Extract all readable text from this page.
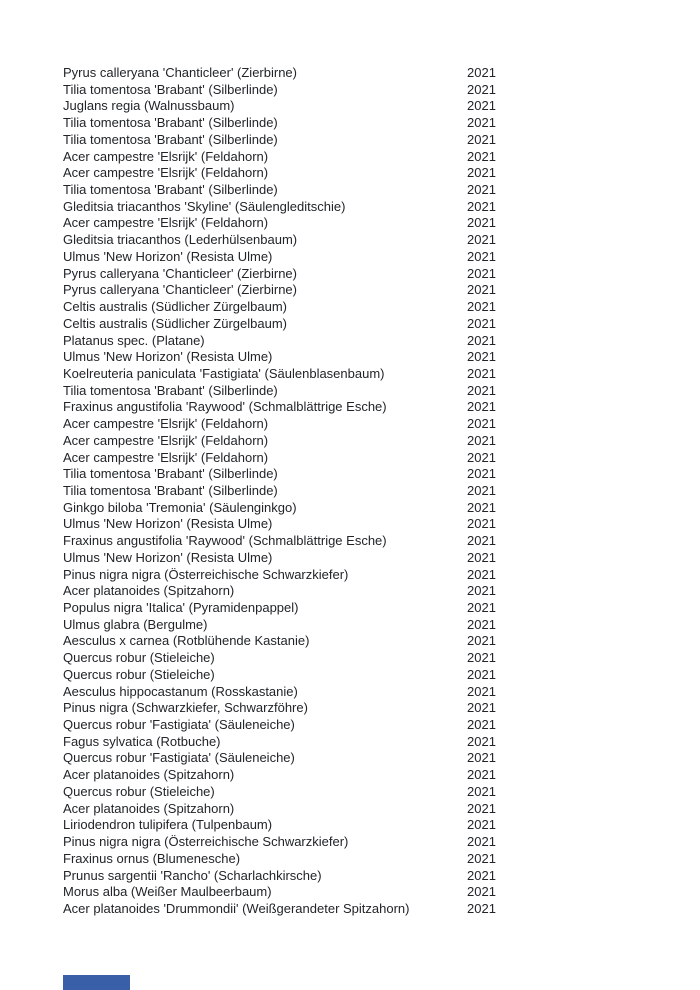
Pyrus calleryana 'Chanticleer' (Zierbirne)	2021
Tilia tomentosa 'Brabant' (Silberlinde)	2021
Juglans regia (Walnussbaum)	2021
Tilia tomentosa 'Brabant' (Silberlinde)	2021
Tilia tomentosa 'Brabant' (Silberlinde)	2021
Acer campestre 'Elsrijk' (Feldahorn)	2021
Acer campestre 'Elsrijk' (Feldahorn)	2021
Tilia tomentosa 'Brabant' (Silberlinde)	2021
Gleditsia triacanthos 'Skyline' (Säulengleditschie)	2021
Acer campestre 'Elsrijk' (Feldahorn)	2021
Gleditsia triacanthos (Lederhülsenbaum)	2021
Ulmus 'New Horizon' (Resista Ulme)	2021
Pyrus calleryana 'Chanticleer' (Zierbirne)	2021
Pyrus calleryana 'Chanticleer' (Zierbirne)	2021
Celtis australis (Südlicher Zürgelbaum)	2021
Celtis australis (Südlicher Zürgelbaum)	2021
Platanus spec. (Platane)	2021
Ulmus 'New Horizon' (Resista Ulme)	2021
Koelreuteria paniculata 'Fastigiata' (Säulenblasenbaum)	2021
Tilia tomentosa 'Brabant' (Silberlinde)	2021
Fraxinus angustifolia 'Raywood' (Schmalblättrige Esche)	2021
Acer campestre 'Elsrijk' (Feldahorn)	2021
Acer campestre 'Elsrijk' (Feldahorn)	2021
Acer campestre 'Elsrijk' (Feldahorn)	2021
Tilia tomentosa 'Brabant' (Silberlinde)	2021
Tilia tomentosa 'Brabant' (Silberlinde)	2021
Ginkgo biloba 'Tremonia' (Säulenginkgo)	2021
Ulmus 'New Horizon' (Resista Ulme)	2021
Fraxinus angustifolia 'Raywood' (Schmalblättrige Esche)	2021
Ulmus 'New Horizon' (Resista Ulme)	2021
Pinus nigra nigra (Österreichische Schwarzkiefer)	2021
Acer platanoides (Spitzahorn)	2021
Populus nigra 'Italica' (Pyramidenpappel)	2021
Ulmus glabra (Bergulme)	2021
Aesculus x carnea (Rotblühende Kastanie)	2021
Quercus robur (Stieleiche)	2021
Quercus robur (Stieleiche)	2021
Aesculus hippocastanum (Rosskastanie)	2021
Pinus nigra (Schwarzkiefer, Schwarzföhre)	2021
Quercus robur 'Fastigiata' (Säuleneiche)	2021
Fagus sylvatica (Rotbuche)	2021
Quercus robur 'Fastigiata' (Säuleneiche)	2021
Acer platanoides (Spitzahorn)	2021
Quercus robur (Stieleiche)	2021
Acer platanoides (Spitzahorn)	2021
Liriodendron tulipifera (Tulpenbaum)	2021
Pinus nigra nigra (Österreichische Schwarzkiefer)	2021
Fraxinus ornus (Blumenesche)	2021
Prunus sargentii 'Rancho' (Scharlachkirsche)	2021
Morus alba (Weißer Maulbeerbaum)	2021
Acer platanoides 'Drummondii' (Weißgerandeter Spitzahorn)	2021
